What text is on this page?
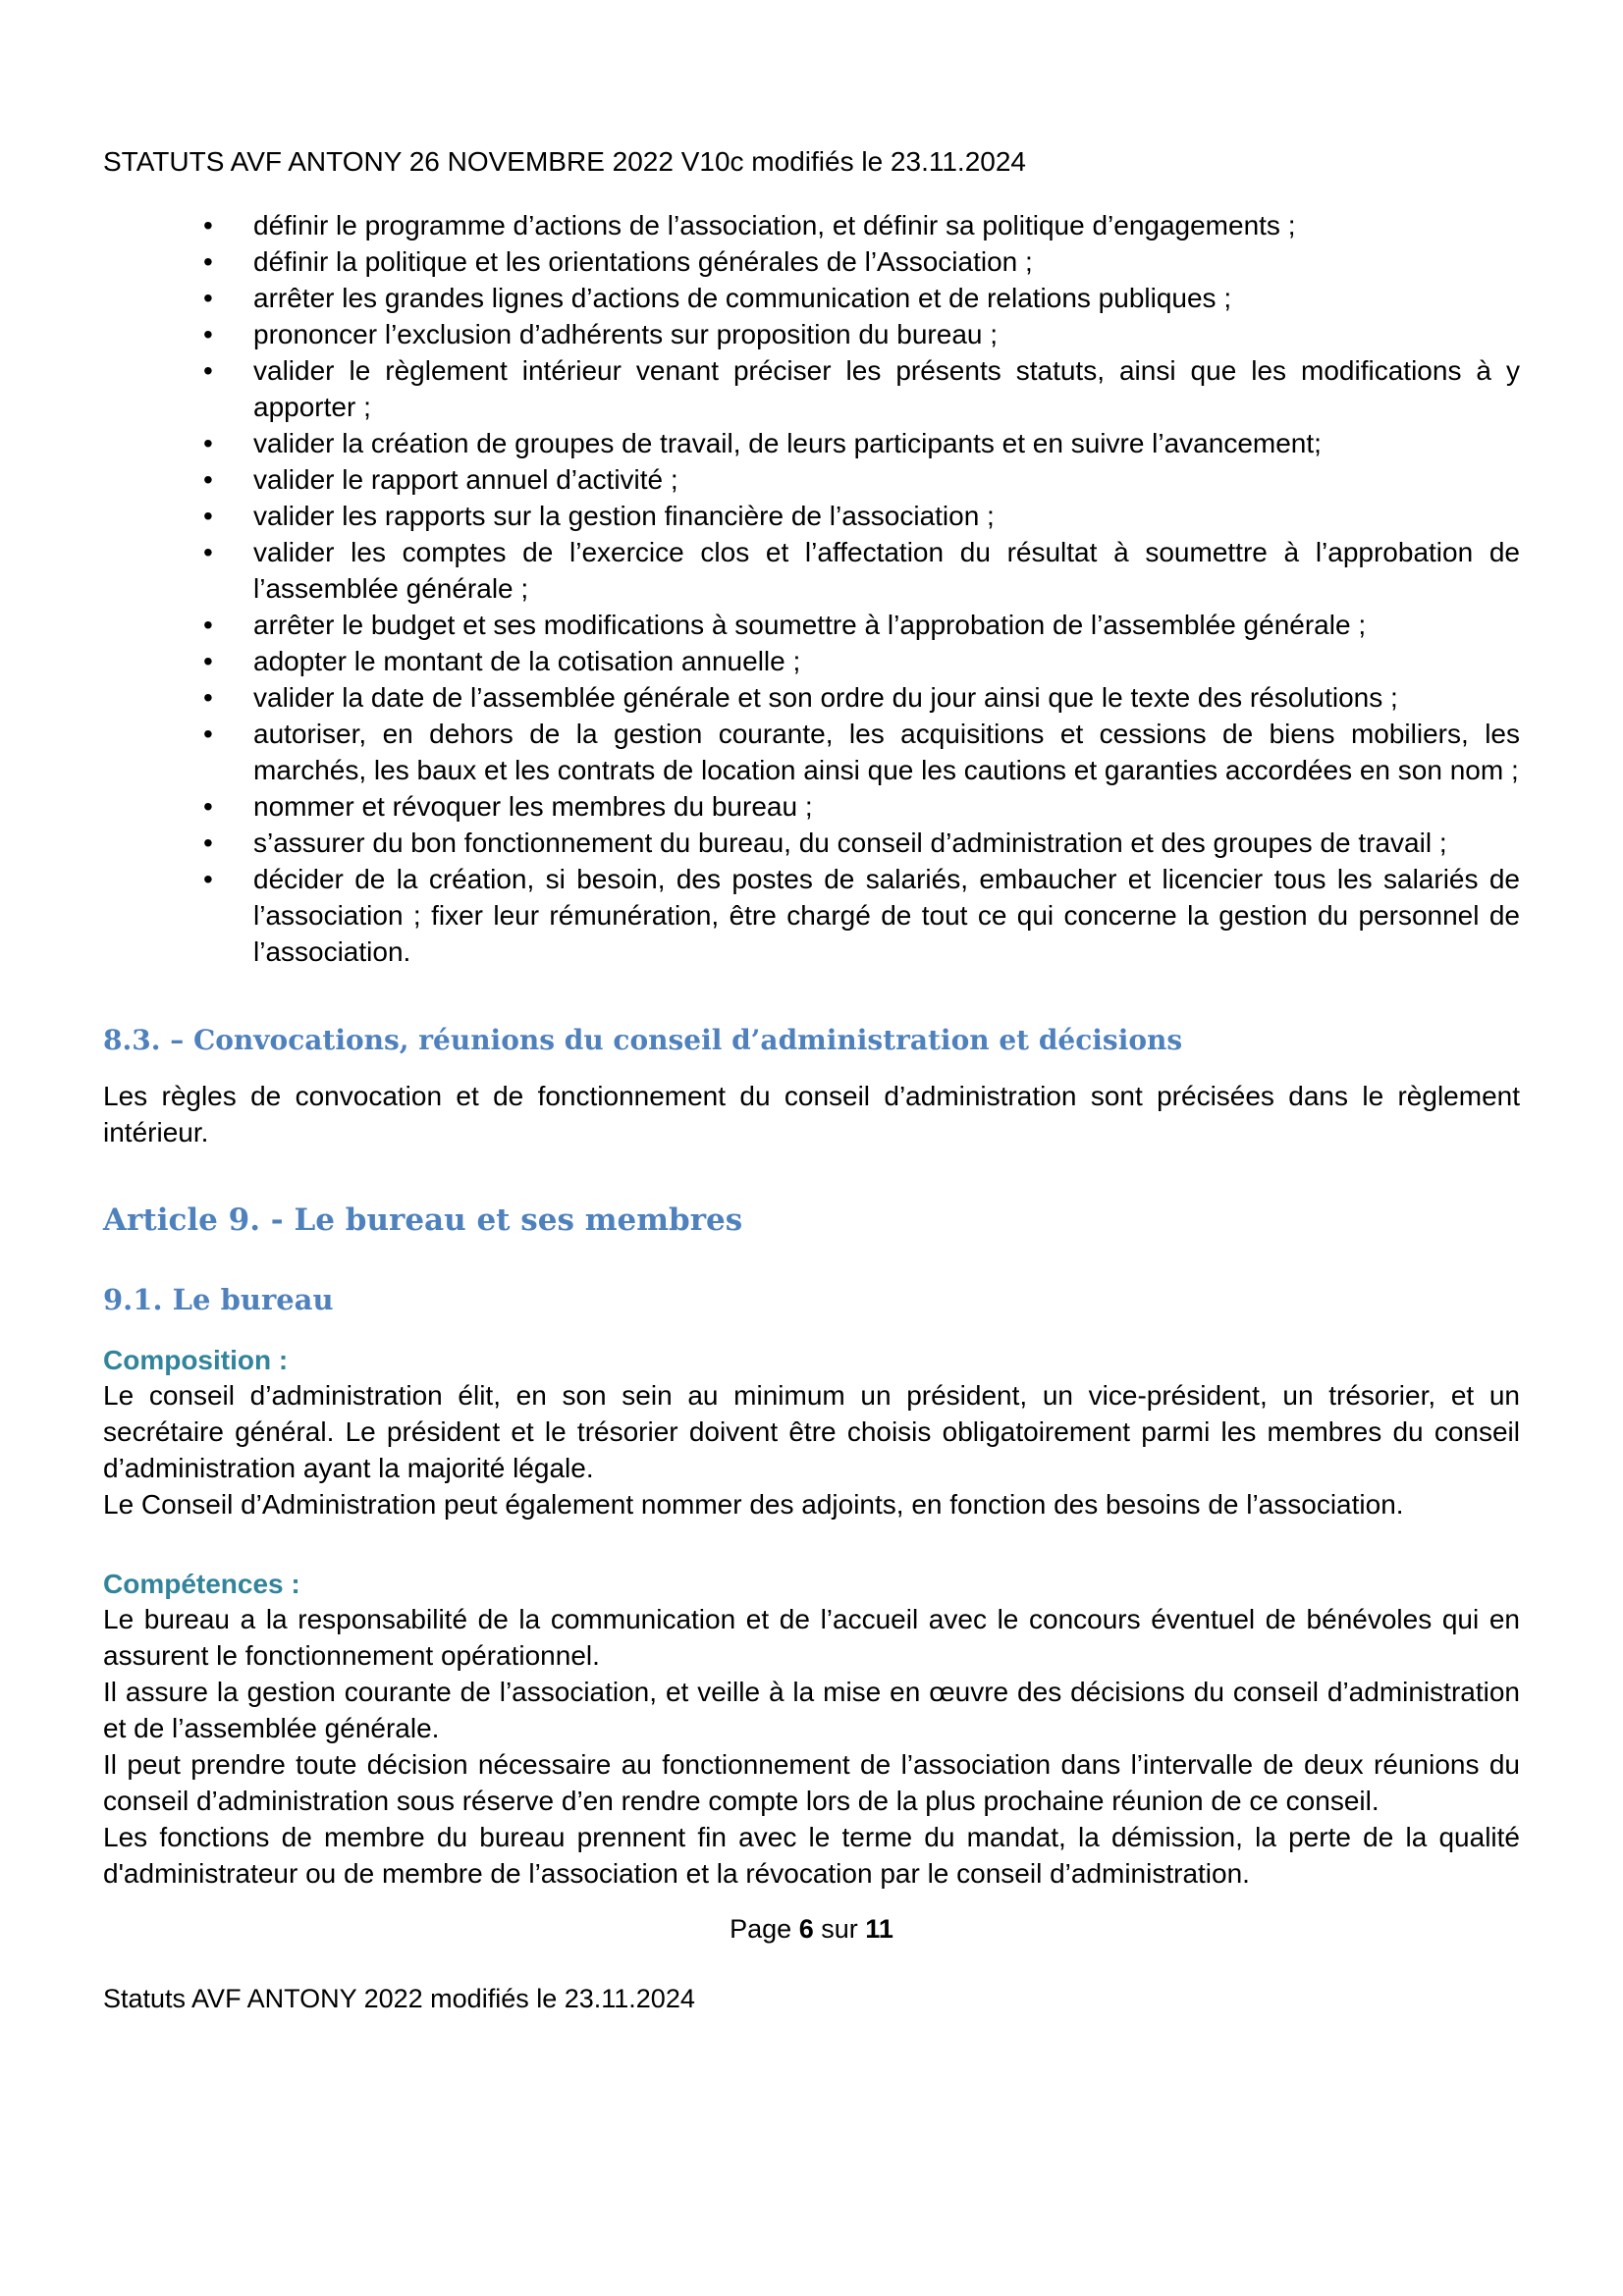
STATUTS AVF ANTONY 26 NOVEMBRE 2022 V10c modifiés le 23.11.2024
• définir le programme d’actions de l’association, et définir sa politique d’engagements ;
• définir la politique et les orientations générales de l’Association ;
• arrêter les grandes lignes d’actions de communication et de relations publiques ;
• prononcer l’exclusion d’adhérents sur proposition du bureau ;
• valider le règlement intérieur venant préciser les présents statuts, ainsi que les modifications à y apporter ;
• valider la création de groupes de travail, de leurs participants et en suivre l’avancement;
• valider le rapport annuel d’activité ;
• valider les rapports sur la gestion financière de l’association ;
• valider les comptes de l’exercice clos et l’affectation du résultat à soumettre à l’approbation de l’assemblée générale ;
• arrêter le budget et ses modifications à soumettre à l’approbation de l’assemblée générale ;
• adopter le montant de la cotisation annuelle ;
• valider la date de l’assemblée générale et son ordre du jour ainsi que le texte des résolutions ;
• autoriser, en dehors de la gestion courante, les acquisitions et cessions de biens mobiliers, les marchés, les baux et les contrats de location ainsi que les cautions et garanties accordées en son nom ;
• nommer et révoquer les membres du bureau ;
• s’assurer du bon fonctionnement du bureau, du conseil d’administration et des groupes de travail ;
• décider de la création, si besoin, des postes de salariés, embaucher et licencier tous les salariés de l’association ; fixer leur rémunération, être chargé de tout ce qui concerne la gestion du personnel de l’association.
8.3. – Convocations, réunions du conseil d’administration et décisions

Les règles de convocation et de fonctionnement du conseil d’administration sont précisées dans le règlement intérieur.

Article 9. - Le bureau et ses membres
9.1. Le bureau
Composition :

Le conseil d’administration élit, en son sein au minimum un président, un vice-président, un trésorier, et un secrétaire général. Le président et le trésorier doivent être choisis obligatoirement parmi les membres du conseil d’administration ayant la majorité légale.

Le Conseil d’Administration peut également nommer des adjoints, en fonction des besoins de l’association.

Compétences :

Le bureau a la responsabilité de la communication et de l’accueil avec le concours éventuel de bénévoles qui en assurent le fonctionnement opérationnel.

Il assure la gestion courante de l’association, et veille à la mise en œuvre des décisions du conseil d’administration et de l’assemblée générale.

Il peut prendre toute décision nécessaire au fonctionnement de l’association dans l’intervalle de deux réunions du conseil d’administration sous réserve d’en rendre compte lors de la plus prochaine réunion de ce conseil.

Les fonctions de membre du bureau prennent fin avec le terme du mandat, la démission, la perte de la qualité d'administrateur ou de membre de l’association et la révocation par le conseil d’administration.

Page 6 sur 11
Statuts AVF ANTONY 2022 modifiés le 23.11.2024
